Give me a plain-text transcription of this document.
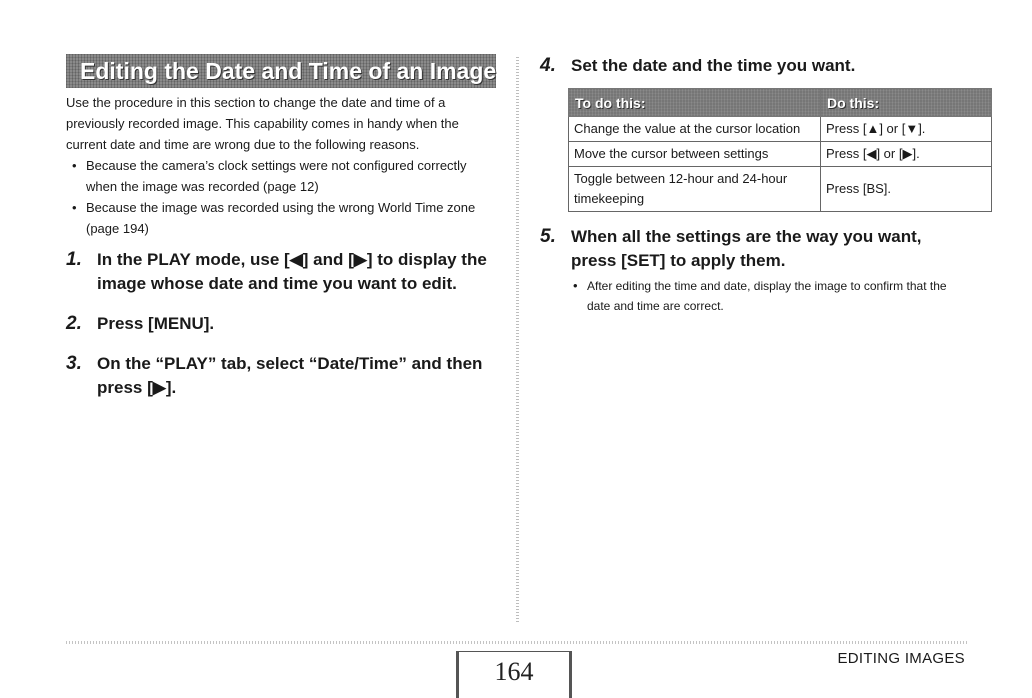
Editing the Date and Time of an Image
Use the procedure in this section to change the date and time of a previously recorded image. This capability comes in handy when the current date and time are wrong due to the following reasons.
• Because the camera’s clock settings were not configured correctly when the image was recorded (page 12)
• Because the image was recorded using the wrong World Time zone (page 194)
1. In the PLAY mode, use [◀] and [▶] to display the image whose date and time you want to edit.
2. Press [MENU].
3. On the “PLAY” tab, select “Date/Time” and then press [▶].
4. Set the date and the time you want.
To do this:	Do this:
Change the value at the cursor location	Press [▲] or [▼].
Move the cursor between settings	Press [◀] or [▶].
Toggle between 12-hour and 24-hour timekeeping	Press [BS].
5. When all the settings are the way you want, press [SET] to apply them.
• After editing the time and date, display the image to confirm that the date and time are correct.
164	EDITING IMAGES
